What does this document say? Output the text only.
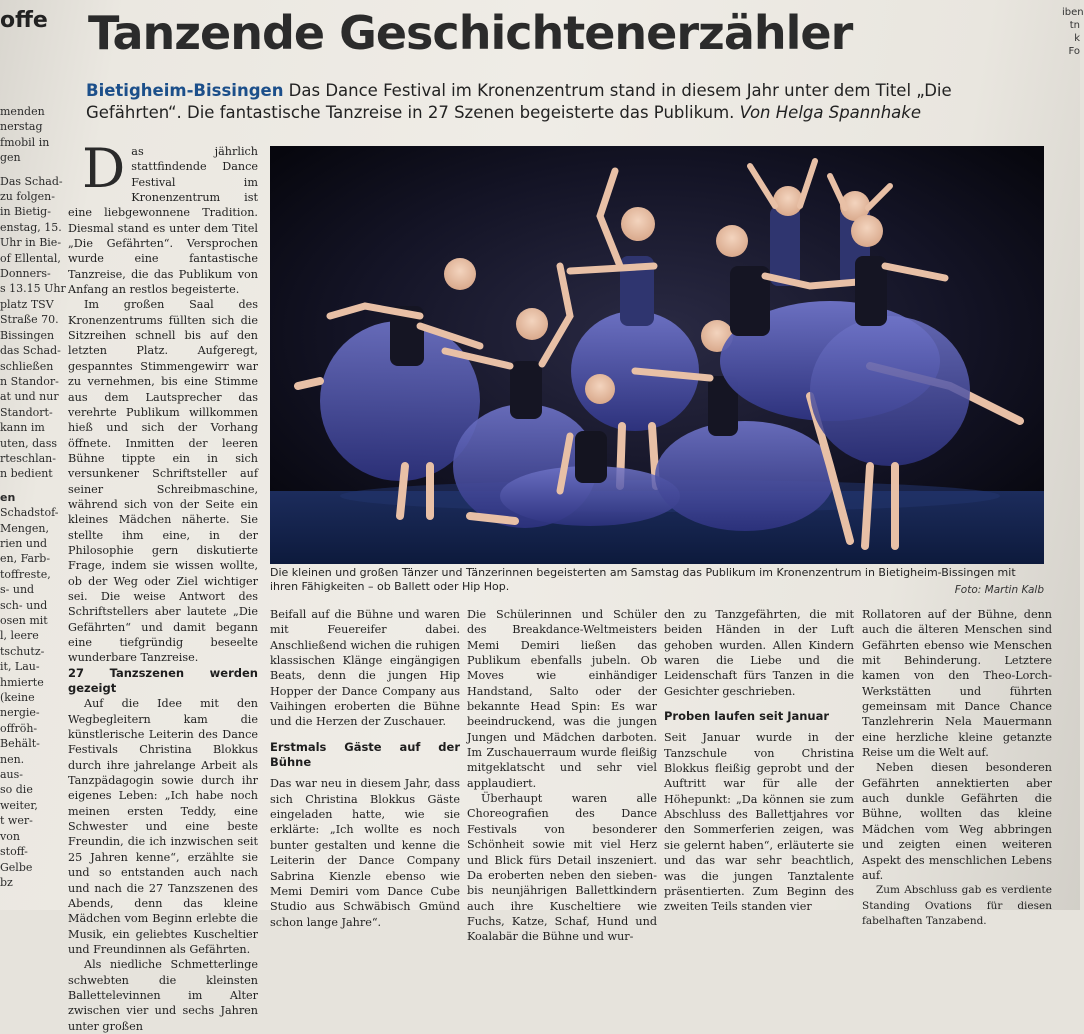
offe Tanzende Geschichtenerzähler	iben
tn k
Fo
Bietigheim-Bissingen Das Dance Festival im Kronenzentrum stand in diesem Jahr unter dem Titel „Die Gefährten“. Die fantastische Tanzreise in 27 Szenen begeisterte das Publikum. Von Helga Spannhake
menden
nerstag
fmobil in
gen
Das Schad-
zu folgen-
in Bietig-
enstag, 15.
Uhr in Bie-
of Ellental,
Donners-
s 13.15 Uhr
platz TSV
Straße 70.
Bissingen
das Schad-
schließen
n Standor-
at und nur
Standort-
kann im
uten, dass
rteschlan-
n bedient
en
Schadstof-
Mengen,
rien und
en, Farb-
toffreste,
s- und
sch- und
osen mit
l, leere
tschutz-
it, Lau-
hmierte
(keine
nergie-
offröh-
Behält-
nen.
aus-
so die
weiter,
t wer-
von
stoff-
Gelbe
bz

Das jährlich stattfindende Dance Festival im Kronenzentrum ist eine liebgewonnene Tradition. Diesmal stand es unter dem Titel „Die Gefährten“. Versprochen wurde eine fantastische Tanzreise, die das Publikum von Anfang an restlos begeisterte.

Im großen Saal des Kronenzentrums füllten sich die Sitzreihen schnell bis auf den letzten Platz. Aufgeregt, gespanntes Stimmengewirr war zu vernehmen, bis eine Stimme aus dem Lautsprecher das verehrte Publikum willkommen hieß und sich der Vorhang öffnete. Inmitten der leeren Bühne tippte ein in sich versunkener Schriftsteller auf seiner Schreibmaschine, während sich von der Seite ein kleines Mädchen näherte. Sie stellte ihm eine, in der Philosophie gern diskutierte Frage, indem sie wissen wollte, ob der Weg oder Ziel wichtiger sei. Die weise Antwort des Schriftstellers aber lautete „Die Gefährten“ und damit begann eine tiefgründig beseelte wunderbare Tanzreise.

27 Tanzszenen werden gezeigt

Auf die Idee mit den Wegbegleitern kam die künstlerische Leiterin des Dance Festivals Christina Blokkus durch ihre jahrelange Arbeit als Tanzpädagogin sowie durch ihr eigenes Leben: „Ich habe noch meinen ersten Teddy, eine Schwester und eine beste Freundin, die ich inzwischen seit 25 Jahren kenne“, erzählte sie und so entstanden auch nach und nach die 27 Tanzszenen des Abends, denn das kleine Mädchen vom Beginn erlebte die Musik, ein geliebtes Kuscheltier und Freundinnen als Gefährten.

Als niedliche Schmetterlinge schwebten die kleinsten Ballettelevinnen im Alter zwischen vier und sechs Jahren unter großen

Die kleinen und großen Tänzer und Tänzerinnen begeisterten am Samstag das Publikum im Kronenzentrum in Bietigheim-Bissingen mit ihren Fähigkeiten – ob Ballett oder Hip Hop.	Foto: Martin Kalb

Beifall auf die Bühne und waren mit Feuereifer dabei. Anschließend wichen die ruhigen klassischen Klänge eingängigen Beats, denn die jungen Hip Hopper der Dance Company aus Vaihingen eroberten die Bühne und die Herzen der Zuschauer.

Erstmals Gäste auf der Bühne

Das war neu in diesem Jahr, dass sich Christina Blokkus Gäste eingeladen hatte, wie sie erklärte: „Ich wollte es noch bunter gestalten und kenne die Leiterin der Dance Company Sabrina Kienzle ebenso wie Memi Demiri vom Dance Cube Studio aus Schwäbisch Gmünd schon lange Jahre“.

Die Schülerinnen und Schüler des Breakdance-Weltmeisters Memi Demiri ließen das Publikum ebenfalls jubeln. Ob Moves wie einhändiger Handstand, Salto oder der bekannte Head Spin: Es war beeindruckend, was die jungen Jungen und Mädchen darboten. Im Zuschauerraum wurde fleißig mitgeklatscht und sehr viel applaudiert.

Überhaupt waren alle Choreografien des Dance Festivals von besonderer Schönheit sowie mit viel Herz und Blick fürs Detail inszeniert. Da eroberten neben den sieben- bis neunjährigen Ballettkindern auch ihre Kuscheltiere wie Fuchs, Katze, Schaf, Hund und Koalabär die Bühne und wur-

den zu Tanzgefährten, die mit beiden Händen in der Luft gehoben wurden. Allen Kindern waren die Liebe und die Leidenschaft fürs Tanzen in die Gesichter geschrieben.

Proben laufen seit Januar

Seit Januar wurde in der Tanzschule von Christina Blokkus fleißig geprobt und der Auftritt war für alle der Höhepunkt: „Da können sie zum Abschluss des Ballettjahres vor den Sommerferien zeigen, was sie gelernt haben“, erläuterte sie und das war sehr beachtlich, was die jungen Tanztalente präsentierten. Zum Beginn des zweiten Teils standen vier

Rollatoren auf der Bühne, denn auch die älteren Menschen sind Gefährten ebenso wie Menschen mit Behinderung. Letztere kamen von den Theo-Lorch-Werkstätten und führten gemeinsam mit Dance Chance Tanzlehrerin Nela Mauermann eine herzliche kleine getanzte Reise um die Welt auf.

Neben diesen besonderen Gefährten annektierten aber auch dunkle Gefährten die Bühne, wollten das kleine Mädchen vom Weg abbringen und zeigten einen weiteren Aspekt des menschlichen Lebens auf.

Zum Abschluss gab es verdiente Standing Ovations für diesen fabelhaften Tanzabend.
